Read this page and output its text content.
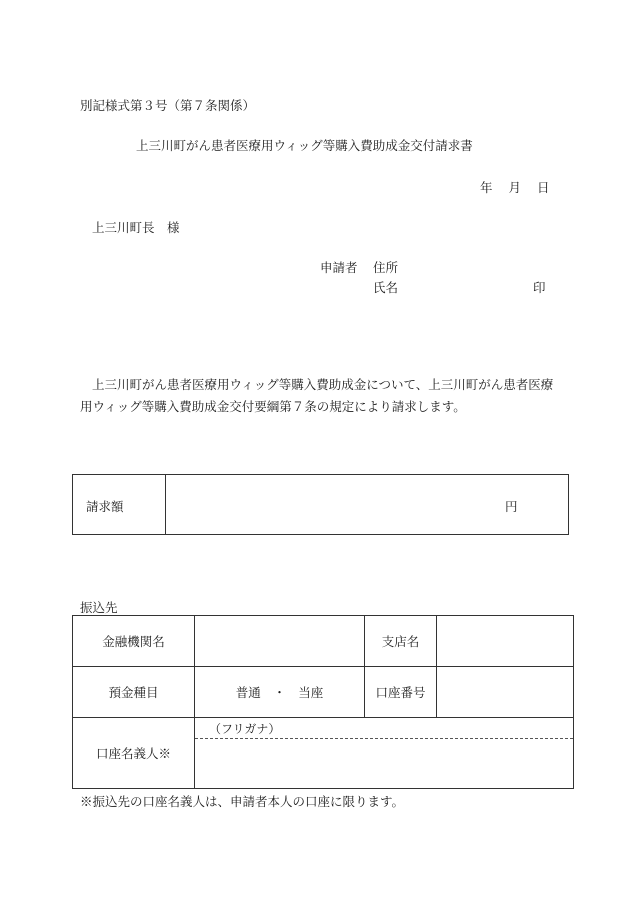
別記様式第３号（第７条関係）
上三川町がん患者医療用ウィッグ等購入費助成金交付請求書
年 月 日
上三川町長　様
申請者 住所
氏名	印
上三川町がん患者医療用ウィッグ等購入費助成金について、上三川町がん患者医療用ウィッグ等購入費助成金交付要綱第７条の規定により請求します。
請求額	円
振込先
金融機関名		支店名	
預金種目	普通　・　当座	口座番号	
口座名義人※	（フリガナ）		
※振込先の口座名義人は、申請者本人の口座に限ります。
